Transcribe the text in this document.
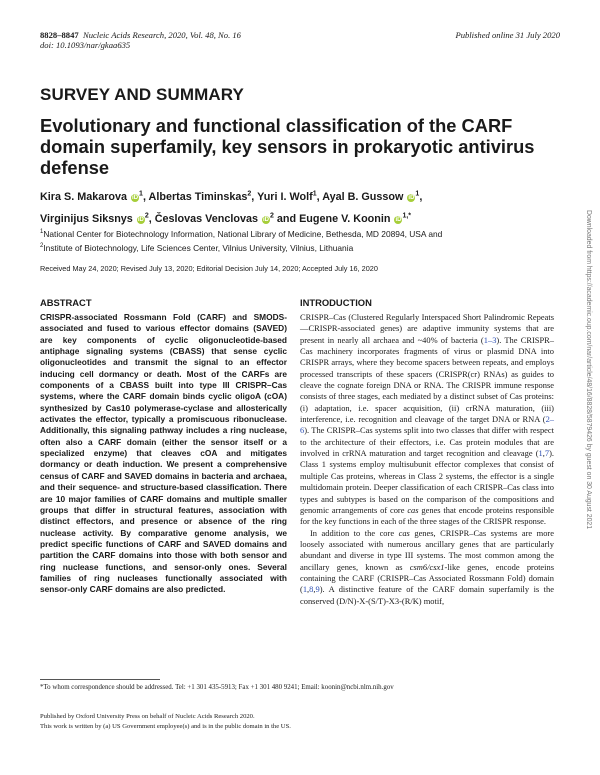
8828–8847 Nucleic Acids Research, 2020, Vol. 48, No. 16
doi: 10.1093/nar/gkaa635
Published online 31 July 2020
SURVEY AND SUMMARY
Evolutionary and functional classification of the CARF domain superfamily, key sensors in prokaryotic antivirus defense
Kira S. Makarova $iD^1$, Albertas Timinskas$^2$, Yuri I. Wolf$^1$, Ayal B. Gussow $iD^1$,
Virginijus Siksnys $iD^2$, Česlovas Venclovas $iD^2$ and Eugene V. Koonin $iD^{1,*}$
$^1$National Center for Biotechnology Information, National Library of Medicine, Bethesda, MD 20894, USA and
$^2$Institute of Biotechnology, Life Sciences Center, Vilnius University, Vilnius, Lithuania
Received May 24, 2020; Revised July 13, 2020; Editorial Decision July 14, 2020; Accepted July 16, 2020
ABSTRACT
CRISPR-associated Rossmann Fold (CARF) and SMODS-associated and fused to various effector domains (SAVED) are key components of cyclic oligonucleotide-based antiphage signaling systems (CBASS) that sense cyclic oligonucleotides and transmit the signal to an effector inducing cell dormancy or death. Most of the CARFs are components of a CBASS built into type III CRISPR–Cas systems, where the CARF domain binds cyclic oligoA (cOA) synthesized by Cas10 polymerase-cyclase and allosterically activates the effector, typically a promiscuous ribonuclease. Additionally, this signaling pathway includes a ring nuclease, often also a CARF domain (either the sensor itself or a specialized enzyme) that cleaves cOA and mitigates dormancy or death induction. We present a comprehensive census of CARF and SAVED domains in bacteria and archaea, and their sequence- and structure-based classification. There are 10 major families of CARF domains and multiple smaller groups that differ in structural features, association with distinct effectors, and presence or absence of the ring nuclease activity. By comparative genome analysis, we predict specific functions of CARF and SAVED domains and partition the CARF domains into those with both sensor and ring nuclease functions, and sensor-only ones. Several families of ring nucleases functionally associated with sensor-only CARF domains are also predicted.
INTRODUCTION

CRISPR–Cas (Clustered Regularly Interspaced Short Palindromic Repeats—CRISPR-associated genes) are adaptive immunity systems that are present in nearly all archaea and ~40% of bacteria (1–3). The CRISPR–Cas machinery incorporates fragments of virus or plasmid DNA into CRISPR arrays, where they become spacers between repeats, and employs processed transcripts of these spacers (CRISPR(cr) RNAs) as guides to cleave the cognate foreign DNA or RNA. The CRISPR immune response consists of three stages, each mediated by a distinct subset of Cas proteins: (i) adaptation, i.e. spacer acquisition, (ii) crRNA maturation, (iii) interference, i.e. recognition and cleavage of the target DNA or RNA (2–6). The CRISPR–Cas systems split into two classes that differ with respect to the architecture of their effectors, i.e. Cas protein modules that are involved in crRNA maturation and target recognition and cleavage (1,7). Class 1 systems employ multisubunit effector complexes that consist of multiple Cas proteins, whereas in Class 2 systems, the effector is a single multidomain protein. Deeper classification of each CRISPR–Cas class into types and subtypes is based on the comparison of the compositions and genomic arrangements of core cas genes that encode proteins responsible for the key functions in each of the three stages of the CRISPR response.

In addition to the core cas genes, CRISPR–Cas systems are more loosely associated with numerous ancillary genes that are particularly abundant and diverse in type III systems. The most common among the ancillary genes, known as csm6/csx1-like genes, encode proteins containing the CARF (CRISPR–Cas Associated Rossmann Fold) domain (1,8,9). A distinctive feature of the CARF domain superfamily is the conserved (D/N)-X-(S/T)-X3-(R/K) motif,

*To whom correspondence should be addressed. Tel: +1 301 435-5913; Fax +1 301 480 9241; Email: koonin@ncbi.nlm.nih.gov
Published by Oxford University Press on behalf of Nucleic Acids Research 2020.
This work is written by (a) US Government employee(s) and is in the public domain in the US.
Downloaded from https://academic.oup.com/nar/article/48/16/8828/5879426 by guest on 30 August 2021
